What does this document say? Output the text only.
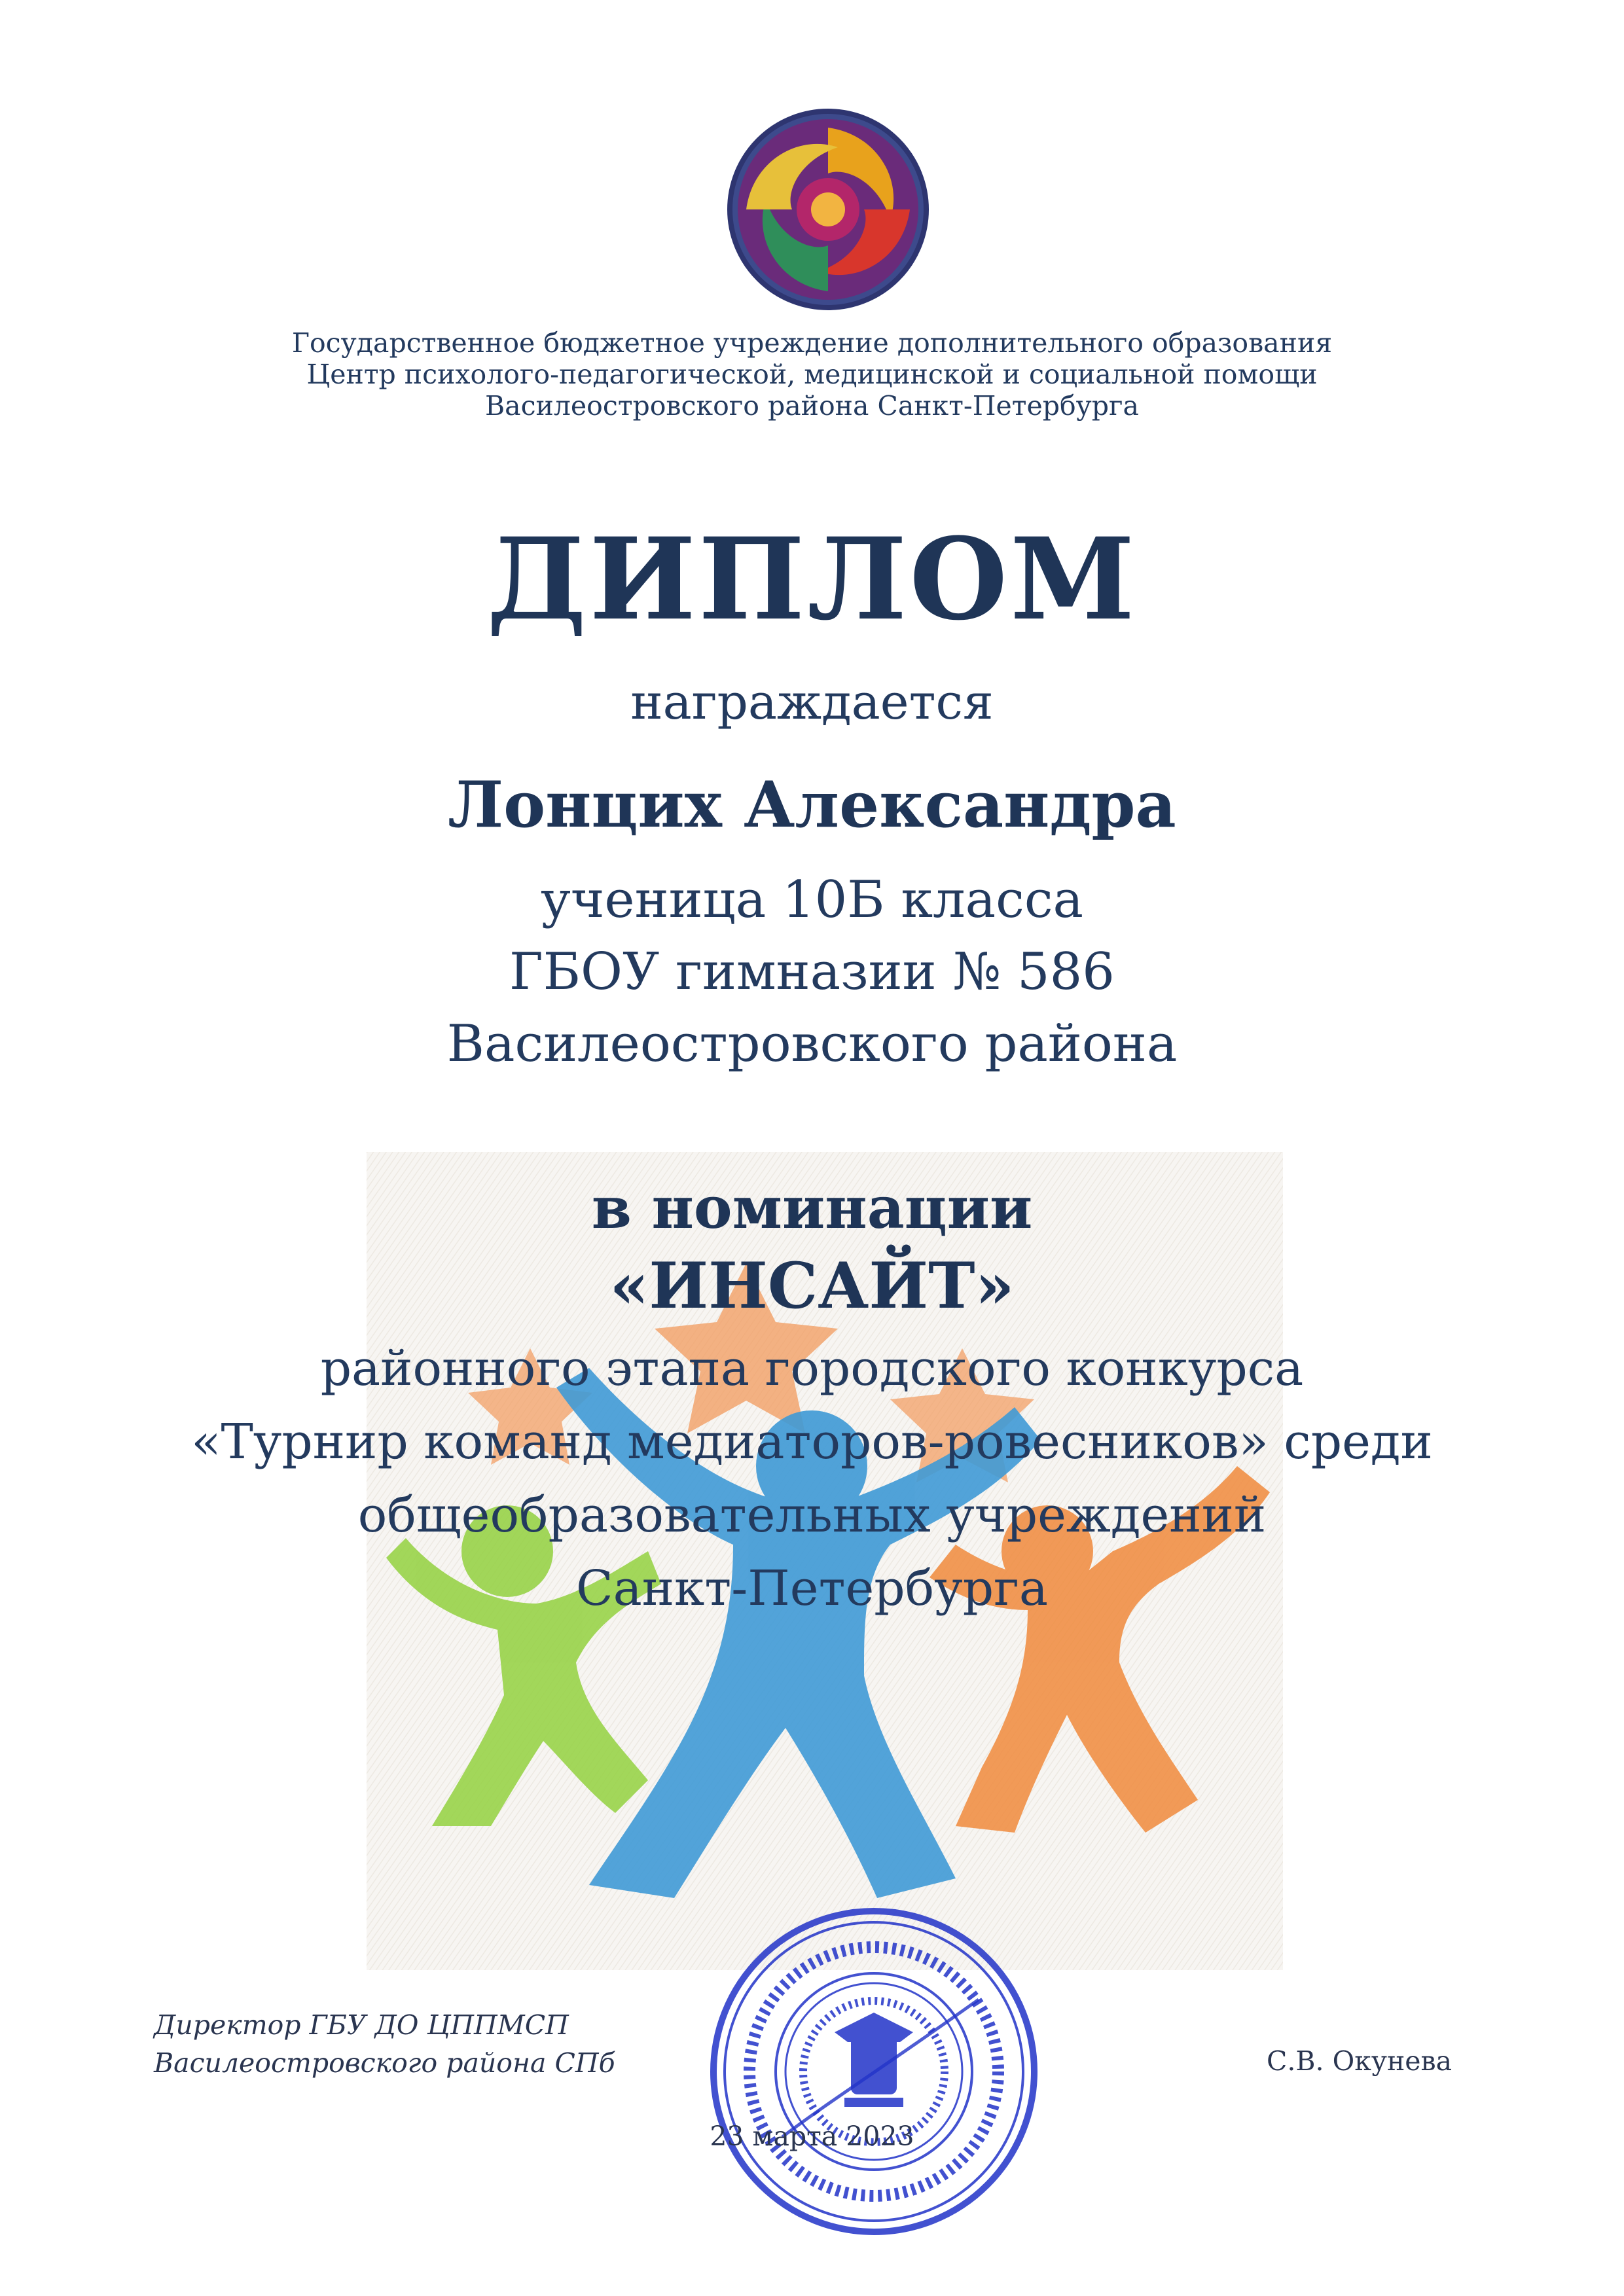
Государственное бюджетное учреждение дополнительного образования
Центр психолого-педагогической, медицинской и социальной помощи
Василеостровского района Санкт-Петербурга
ДИПЛОМ
награждается
Лонцих Александра
ученица 10Б класса
ГБОУ гимназии № 586
Василеостровского района
в номинации
«ИНСАЙТ»
районного этапа городского конкурса
«Турнир команд медиаторов-ровесников» среди
общеобразовательных учреждений
Санкт-Петербурга
Директор ГБУ ДО ЦППМСП
Василеостровского района СПб	С.В. Окунева
23 марта 2023
